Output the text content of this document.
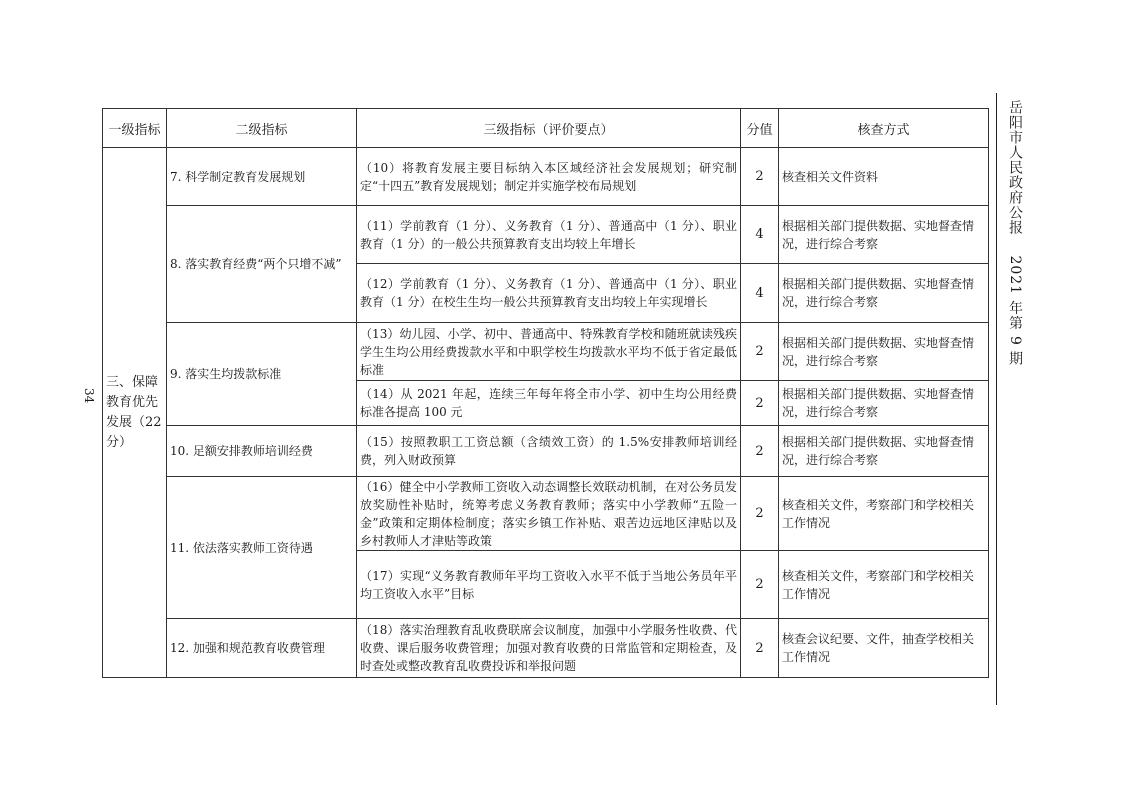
岳阳市人民政府公报　 2021 年第 9 期
34
一级指标	二级指标	三级指标（评价要点）	分值	核查方式
三、保障教育优先发展（22分）	7. 科学制定教育发展规划	（10）将教育发展主要目标纳入本区域经济社会发展规划；研究制定“十四五”教育发展规划；制定并实施学校布局规划	2	核查相关文件资料
	8. 落实教育经费“两个只增不减”	（11）学前教育（1 分）、义务教育（1 分）、普通高中（1 分）、职业教育（1 分）的一般公共预算教育支出均较上年增长	4	根据相关部门提供数据、实地督查情况，进行综合考察
		（12）学前教育（1 分）、义务教育（1 分）、普通高中（1 分）、职业教育（1 分）在校生生均一般公共预算教育支出均较上年实现增长	4	根据相关部门提供数据、实地督查情况，进行综合考察
	9. 落实生均拨款标准	（13）幼儿园、小学、初中、普通高中、特殊教育学校和随班就读残疾学生生均公用经费拨款水平和中职学校生均拨款水平均不低于省定最低标准	2	根据相关部门提供数据、实地督查情况，进行综合考察
		（14）从 2021 年起，连续三年每年将全市小学、初中生均公用经费标准各提高 100 元	2	根据相关部门提供数据、实地督查情况，进行综合考察
	10. 足额安排教师培训经费	（15）按照教职工工资总额（含绩效工资）的 1.5%安排教师培训经费，列入财政预算	2	根据相关部门提供数据、实地督查情况，进行综合考察
	11. 依法落实教师工资待遇	（16）健全中小学教师工资收入动态调整长效联动机制，在对公务员发放奖励性补贴时，统筹考虑义务教育教师；落实中小学教师“五险一金”政策和定期体检制度；落实乡镇工作补贴、艰苦边远地区津贴以及乡村教师人才津贴等政策	2	核查相关文件，考察部门和学校相关工作情况
		（17）实现“义务教育教师年平均工资收入水平不低于当地公务员年平均工资收入水平”目标	2	核查相关文件，考察部门和学校相关工作情况
	12. 加强和规范教育收费管理	（18）落实治理教育乱收费联席会议制度，加强中小学服务性收费、代收费、课后服务收费管理；加强对教育收费的日常监管和定期检查，及时查处或整改教育乱收费投诉和举报问题	2	核查会议纪要、文件，抽查学校相关工作情况
